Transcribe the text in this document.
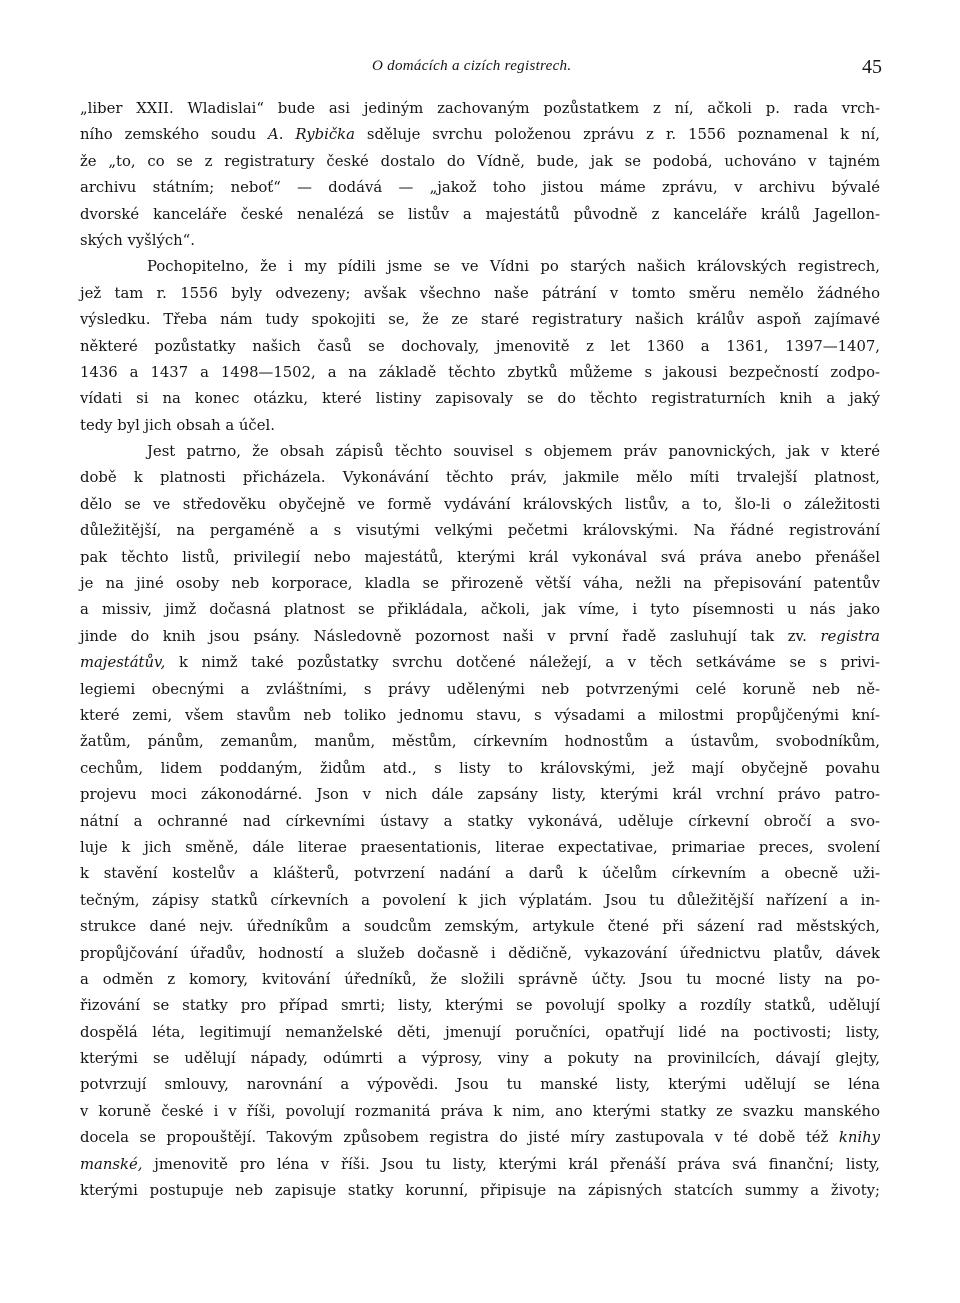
O domácích a cizích registrech.	45
„liber XXII. Wladislai“ bude asi jediným zachovaným pozůstatkem z ní, ačkoli p. rada vrch-
ního zemského soudu A. Rybička sděluje svrchu položenou zprávu z r. 1556 poznamenal k ní,
že „to, co se z registratury české dostalo do Vídně, bude, jak se podobá, uchováno v tajném
archivu státním; neboť“ — dodává — „jakož toho jistou máme zprávu, v archivu bývalé
dvorské kanceláře české nenalézá se listův a majestátů původně z kanceláře králů Jagellon-
ských vyšlých“.
Pochopitelno, že i my pídili jsme se ve Vídni po starých našich královských registrech,
jež tam r. 1556 byly odvezeny; avšak všechno naše pátrání v tomto směru nemělo žádného
výsledku. Třeba nám tudy spokojiti se, že ze staré registratury našich králův aspoň zajímavé
některé pozůstatky našich časů se dochovaly, jmenovitě z let 1360 a 1361, 1397—1407,
1436 a 1437 a 1498—1502, a na základě těchto zbytků můžeme s jakousi bezpečností zodpo-
vídati si na konec otázku, které listiny zapisovaly se do těchto registraturních knih a jaký
tedy byl jich obsah a účel.
Jest patrno, že obsah zápisů těchto souvisel s objemem práv panovnických, jak v které
době k platnosti přicházela. Vykonávání těchto práv, jakmile mělo míti trvalejší platnost,
dělo se ve středověku obyčejně ve formě vydávání královských listův, a to, šlo-li o záležitosti
důležitější, na pergaméně a s visutými velkými pečetmi královskými. Na řádné registrování
pak těchto listů, privilegií nebo majestátů, kterými král vykonával svá práva anebo přenášel
je na jiné osoby neb korporace, kladla se přirozeně větší váha, nežli na přepisování patentův
a missiv, jimž dočasná platnost se přikládala, ačkoli, jak víme, i tyto písemnosti u nás jako
jinde do knih jsou psány. Následovně pozornost naši v první řadě zasluhují tak zv. registra
majestátův, k nimž také pozůstatky svrchu dotčené náležejí, a v těch setkáváme se s privi-
legiemi obecnými a zvláštními, s právy udělenými neb potvrzenými celé koruně neb ně-
které zemi, všem stavům neb toliko jednomu stavu, s výsadami a milostmi propůjčenými kní-
žatům, pánům, zemanům, manům, městům, církevním hodnostům a ústavům, svobodníkům,
cechům, lidem poddaným, židům atd., s listy to královskými, jež mají obyčejně povahu
projevu moci zákonodárné. Json v nich dále zapsány listy, kterými král vrchní právo patro-
nátní a ochranné nad církevními ústavy a statky vykonává, uděluje církevní obročí a svo-
luje k jich směně, dále literae praesentationis, literae expectativae, primariae preces, svolení
k stavění kostelův a klášterů, potvrzení nadání a darů k účelům církevním a obecně uži-
tečným, zápisy statků církevních a povolení k jich výplatám. Jsou tu důležitější nařízení a in-
strukce dané nejv. úředníkům a soudcům zemským, artykule čtené při sázení rad městských,
propůjčování úřadův, hodností a služeb dočasně i dědičně, vykazování úřednictvu platův, dávek
a odměn z komory, kvitování úředníků, že složili správně účty. Jsou tu mocné listy na po-
řizování se statky pro případ smrti; listy, kterými se povolují spolky a rozdíly statků, udělují
dospělá léta, legitimují nemanželské děti, jmenují poručníci, opatřují lidé na poctivosti; listy,
kterými se udělují nápady, odúmrti a výprosy, viny a pokuty na provinilcích, dávají glejty,
potvrzují smlouvy, narovnání a výpovědi. Jsou tu manské listy, kterými udělují se léna
v koruně české i v říši, povolují rozmanitá práva k nim, ano kterými statky ze svazku manského
docela se propouštějí. Takovým způsobem registra do jisté míry zastupovala v té době též knihy
manské, jmenovitě pro léna v říši. Jsou tu listy, kterými král přenáší práva svá finanční; listy,
kterými postupuje neb zapisuje statky korunní, připisuje na zápisných statcích summy a životy;
